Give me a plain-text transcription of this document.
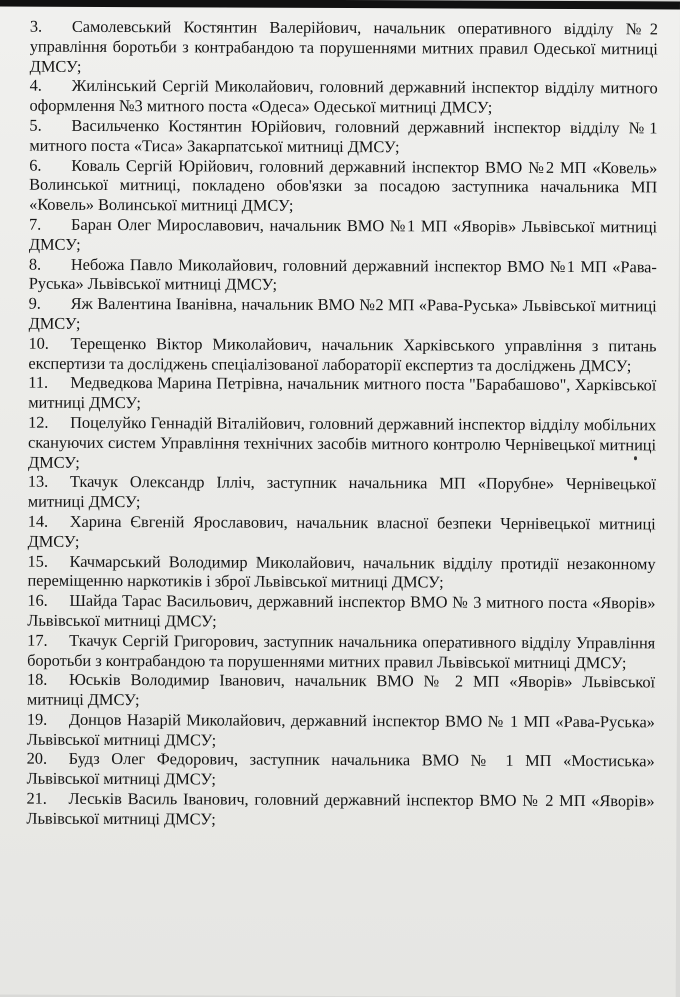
3. Самолевський Костянтин Валерійович, начальник оперативного відділу №2 управління боротьби з контрабандою та порушеннями митних правил Одеської митниці ДМСУ;
4. Жилінський Сергій Миколайович, головний державний інспектор відділу митного оформлення №3 митного поста «Одеса» Одеської митниці ДМСУ;
5. Васильченко Костянтин Юрійович, головний державний інспектор відділу №1 митного поста «Тиса» Закарпатської митниці ДМСУ;
6. Коваль Сергій Юрійович, головний державний інспектор ВМО №2 МП «Ковель» Волинської митниці, покладено обов'язки за посадою заступника начальника МП «Ковель» Волинської митниці ДМСУ;
7. Баран Олег Мирославович, начальник ВМО №1 МП «Яворів» Львівської митниці ДМСУ;
8. Небожа Павло Миколайович, головний державний інспектор ВМО №1 МП «Рава-Руська» Львівської митниці ДМСУ;
9. Яж Валентина Іванівна, начальник ВМО №2 МП «Рава-Руська» Львівської митниці ДМСУ;
10. Терещенко Віктор Миколайович, начальник Харківського управління з питань експертизи та досліджень спеціалізованої лабораторії експертиз та досліджень ДМСУ;
11. Медведкова Марина Петрівна, начальник митного поста "Барабашово", Харківської митниці ДМСУ;
12. Поцелуйко Геннадій Віталійович, головний державний інспектор відділу мобільних скануючих систем Управління технічних засобів митного контролю Чернівецької митниці ДМСУ;
13. Ткачук Олександр Ілліч, заступник начальника МП «Порубне» Чернівецької митниці ДМСУ;
14. Харина Євгеній Ярославович, начальник власної безпеки Чернівецької митниці ДМСУ;
15. Качмарський Володимир Миколайович, начальник відділу протидії незаконному переміщенню наркотиків і зброї Львівської митниці ДМСУ;
16. Шайда Тарас Васильович, державний інспектор ВМО № 3 митного поста «Яворів» Львівської митниці ДМСУ;
17. Ткачук Сергій Григорович, заступник начальника оперативного відділу Управління боротьби з контрабандою та порушеннями митних правил Львівської митниці ДМСУ;
18. Юськів Володимир Іванович, начальник ВМО № 2 МП «Яворів» Львівської митниці ДМСУ;
19. Донцов Назарій Миколайович, державний інспектор ВМО № 1 МП «Рава-Руська» Львівської митниці ДМСУ;
20. Будз Олег Федорович, заступник начальника ВМО № 1 МП «Мостиська» Львівської митниці ДМСУ;
21. Леськів Василь Іванович, головний державний інспектор ВМО № 2 МП «Яворів» Львівської митниці ДМСУ;
